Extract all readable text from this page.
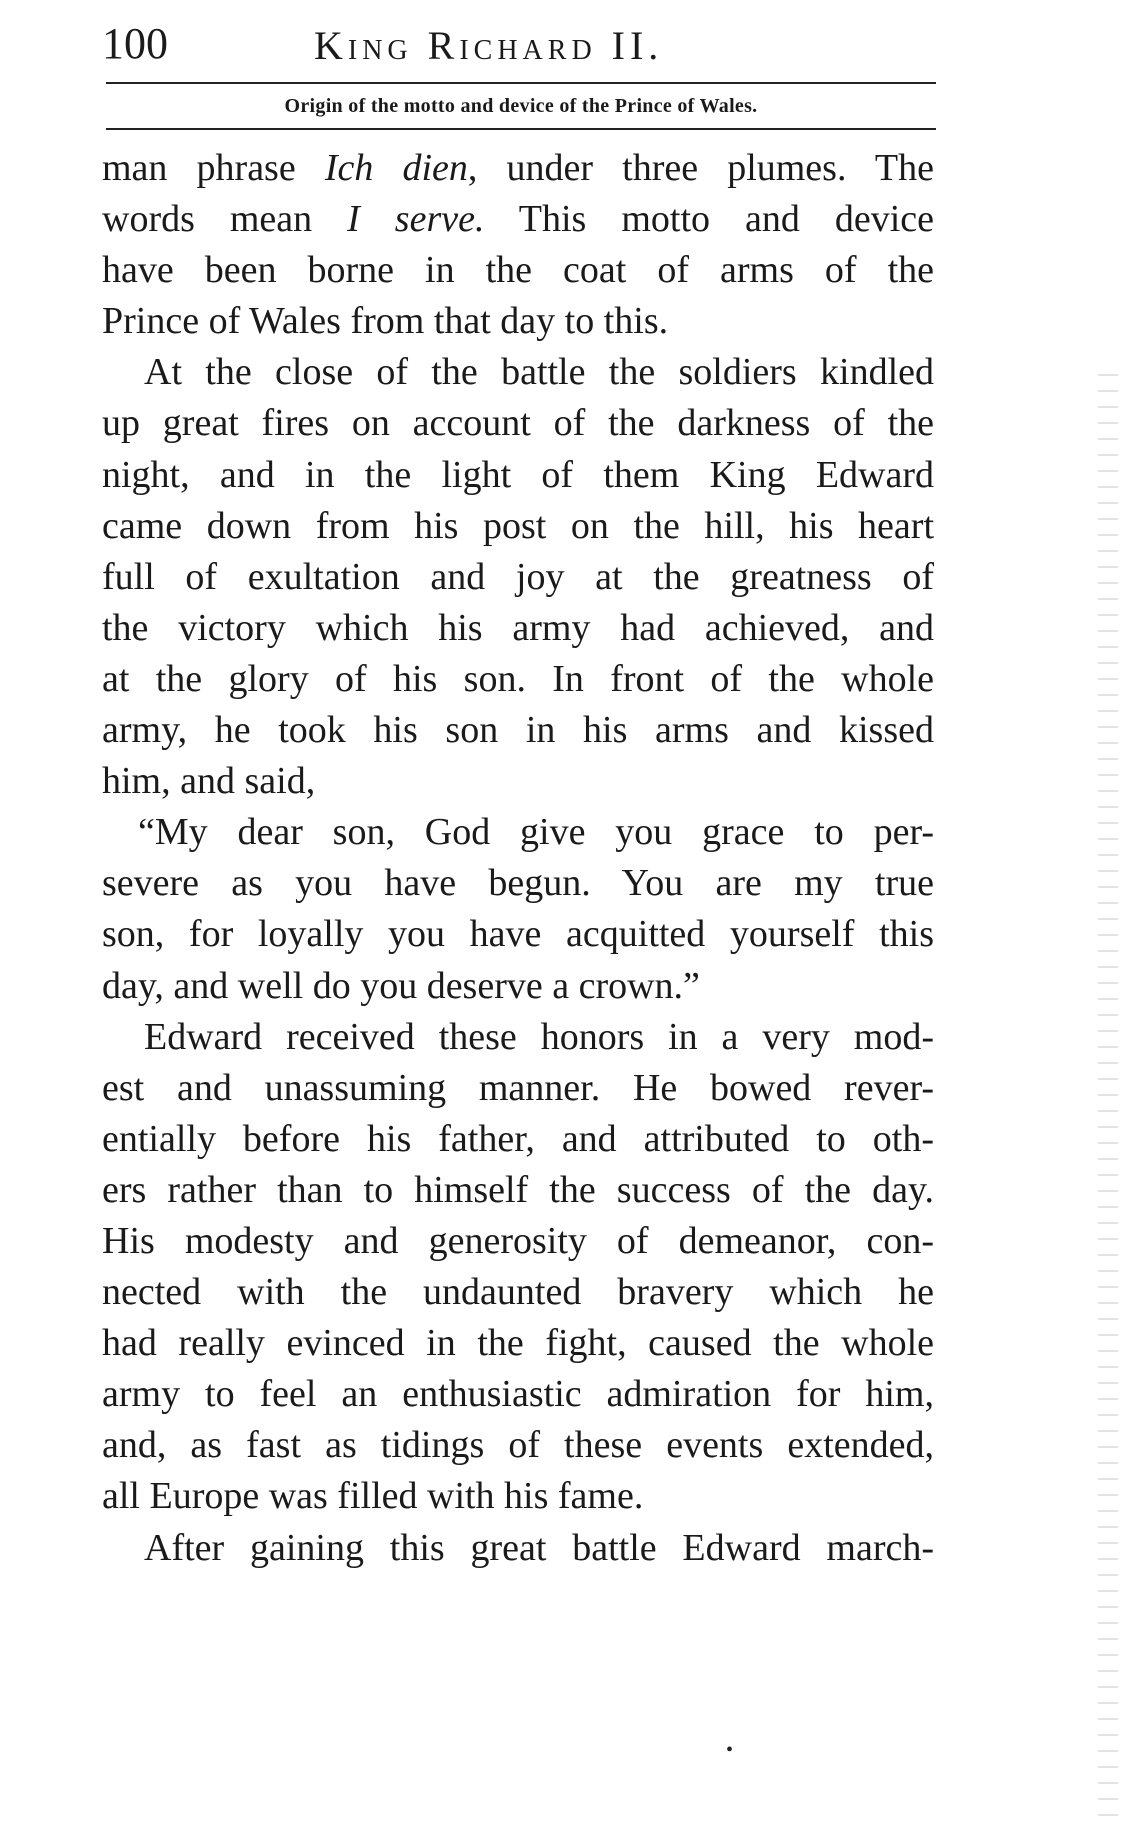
100	King Richard II.
Origin of the motto and device of the Prince of Wales.
man phrase Ich dien, under three plumes. The
words mean I serve. This motto and device
have been borne in the coat of arms of the
Prince of Wales from that day to this.
At the close of the battle the soldiers kindled
up great fires on account of the darkness of the
night, and in the light of them King Edward
came down from his post on the hill, his heart
full of exultation and joy at the greatness of
the victory which his army had achieved, and
at the glory of his son. In front of the whole
army, he took his son in his arms and kissed
him, and said,
“My dear son, God give you grace to per-
severe as you have begun. You are my true
son, for loyally you have acquitted yourself this
day, and well do you deserve a crown.”
Edward received these honors in a very mod-
est and unassuming manner. He bowed rever-
entially before his father, and attributed to oth-
ers rather than to himself the success of the day.
His modesty and generosity of demeanor, con-
nected with the undaunted bravery which he
had really evinced in the fight, caused the whole
army to feel an enthusiastic admiration for him,
and, as fast as tidings of these events extended,
all Europe was filled with his fame.
After gaining this great battle Edward march-
•
